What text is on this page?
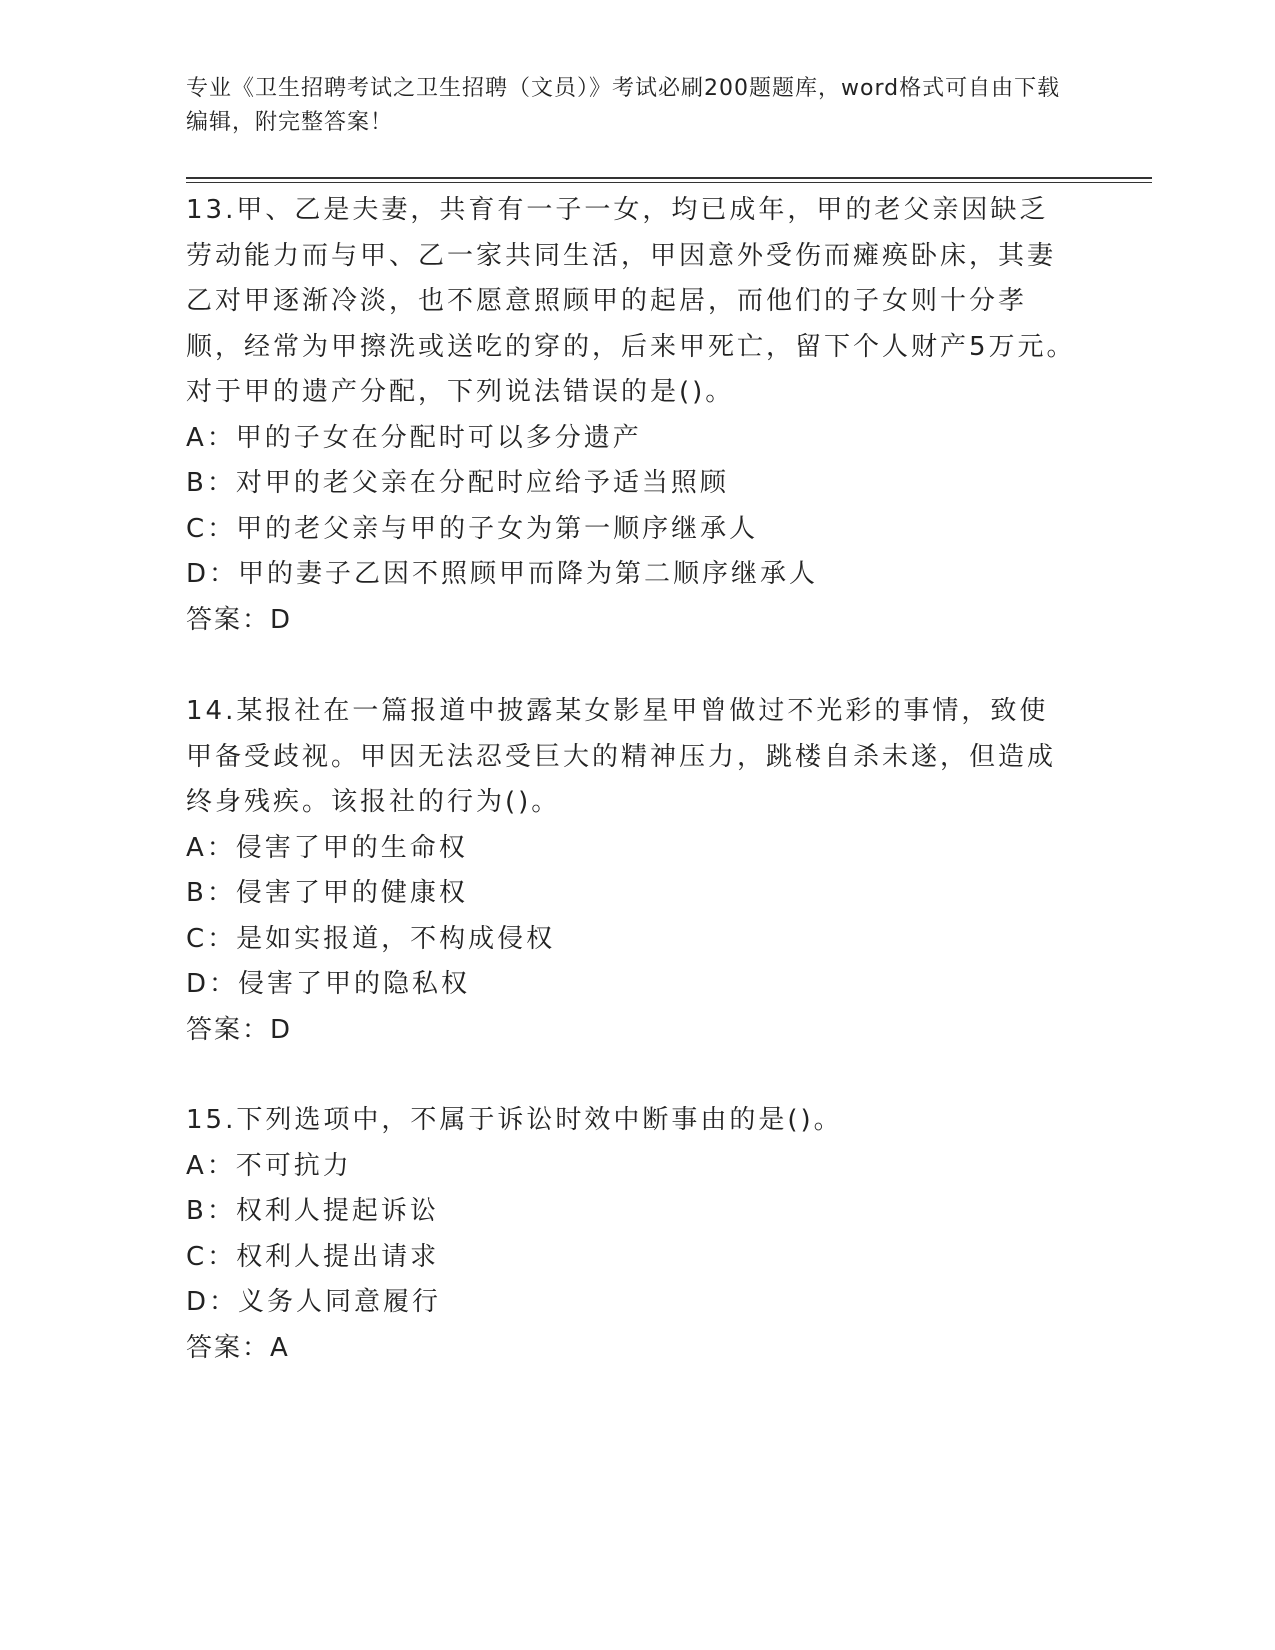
专业《卫生招聘考试之卫生招聘（文员）》考试必刷200题题库，word格式可自由下载编辑，附完整答案！

13.甲、乙是夫妻，共育有一子一女，均已成年，甲的老父亲因缺乏劳动能力而与甲、乙一家共同生活，甲因意外受伤而瘫痪卧床，其妻乙对甲逐渐冷淡，也不愿意照顾甲的起居，而他们的子女则十分孝顺，经常为甲擦洗或送吃的穿的，后来甲死亡，留下个人财产5万元。对于甲的遗产分配，下列说法错误的是()。

A：甲的子女在分配时可以多分遗产

B：对甲的老父亲在分配时应给予适当照顾

C：甲的老父亲与甲的子女为第一顺序继承人

D：甲的妻子乙因不照顾甲而降为第二顺序继承人

答案：D

14.某报社在一篇报道中披露某女影星甲曾做过不光彩的事情，致使甲备受歧视。甲因无法忍受巨大的精神压力，跳楼自杀未遂，但造成终身残疾。该报社的行为()。

A：侵害了甲的生命权

B：侵害了甲的健康权

C：是如实报道，不构成侵权

D：侵害了甲的隐私权

答案：D

15.下列选项中，不属于诉讼时效中断事由的是()。

A：不可抗力

B：权利人提起诉讼

C：权利人提出请求

D：义务人同意履行

答案：A
